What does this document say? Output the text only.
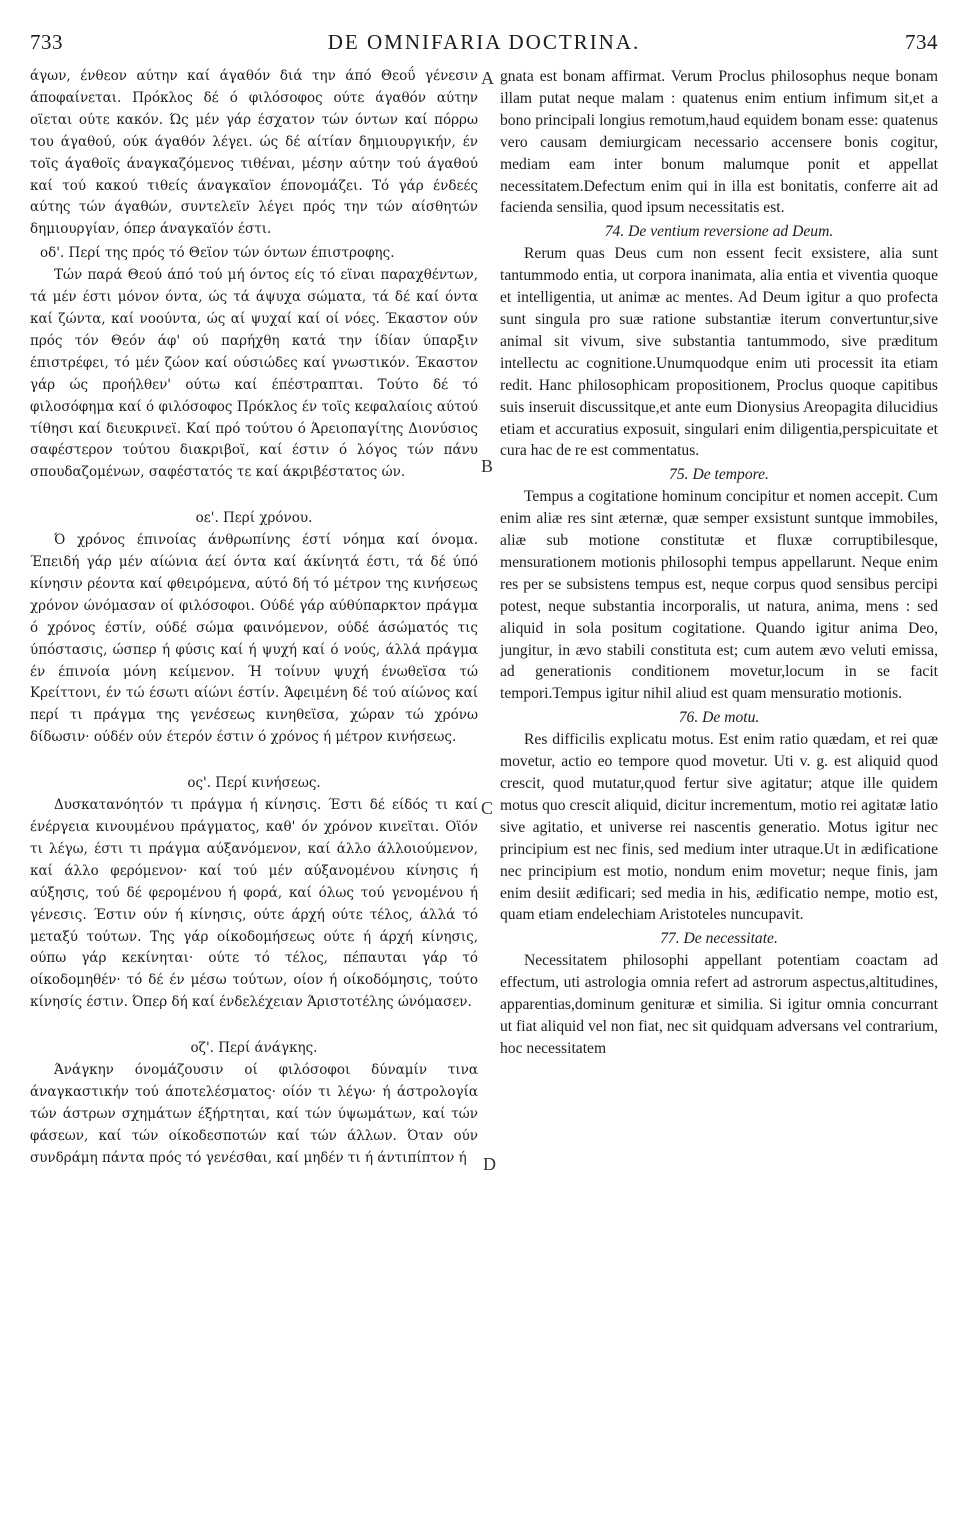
733	DE OMNIFARIA DOCTRINA.	734

άγων, ένθεον αύτην καί άγαθόν διά την άπό Θεοΰ γένεσιν άποφαίνεται. Πρόκλος δέ ό φιλόσοφος ούτε άγαθόν αύτην οϊεται ούτε κακόν. Ώς μέν γάρ έσχατον τών όντων καί πόρρω του άγαθού, ούκ άγαθόν λέγει. ώς δέ αίτίαν δημιουργικήν, έν τοϊς άγαθοϊς άναγκαζόμενος τιθέναι, μέσην αύτην τού άγαθού καί τού κακού τιθείς άναγκαϊον έπονομάζει. Τό γάρ ένδεές αύτης τών άγαθών, συντελεϊν λέγει πρός την τών αίσθητών δημιουργίαν, όπερ άναγκαϊόν έστι.

οδ'. Περί της πρός τό Θεϊον τών όντων έπιστροφης.

Τών παρά Θεού άπό τού μή όντος είς τό εϊναι παραχθέντων, τά μέν έστι μόνον όντα, ώς τά άψυχα σώματα, τά δέ καί όντα καί ζώντα, καί νοούντα, ώς αί ψυχαί καί οί νόες. Έκαστον ούν πρός τόν Θεόν άφ' ού παρήχθη κατά την ίδίαν ύπαρξιν έπιστρέφει, τό μέν ζώον καί ούσιώδες καί γνωστικόν. Έκαστον γάρ ώς προήλθεν' ούτω καί έπέστραπται. Τούτο δέ τό φιλοσόφημα καί ό φιλόσοφος Πρόκλος έν τοϊς κεφαλαίοις αύτού τίθησι καί διευκρινεϊ. Καί πρό τούτου ό Άρειοπαγίτης Διονύσιος σαφέστερον τούτου διακριβοϊ, καί έστιν ό λόγος τών πάνυ σπουδαζομένων, σαφέστατός τε καί άκριβέστατος ών.

οε'. Περί χρόνου.

Ό χρόνος έπινοίας άνθρωπίνης έστί νόημα καί όνομα. Έπειδή γάρ μέν αίώνια άεί όντα καί άκίνητά έστι, τά δέ ύπό κίνησιν ρέοντα καί φθειρόμενα, αύτό δή τό μέτρον της κινήσεως χρόνον ώνόμασαν οί φιλόσοφοι. Ούδέ γάρ αύθύπαρκτον πράγμα ό χρόνος έστίν, ούδέ σώμα φαινόμενον, ούδέ άσώματός τις ύπόστασις, ώσπερ ή φύσις καί ή ψυχή καί ό νούς, άλλά πράγμα έν έπινοία μόνη κείμενον. Ή τοίνυν ψυχή ένωθεϊσα τώ Κρείττονι, έν τώ έσωτι αίώνι έστίν. Άφειμένη δέ τού αίώνος καί περί τι πράγμα της γενέσεως κινηθεϊσα, χώραν τώ χρόνω δίδωσιν· ούδέν ούν έτερόν έστιν ό χρόνος ή μέτρον κινήσεως.

ος'. Περί κινήσεως.

Δυσκατανόητόν τι πράγμα ή κίνησις. Έστι δέ είδός τι καί ένέργεια κινουμένου πράγματος, καθ' όν χρόνον κινεϊται. Οϊόν τι λέγω, έστι τι πράγμα αύξανόμενον, καί άλλο άλλοιούμενον, καί άλλο φερόμενον· καί τού μέν αύξανομένου κίνησις ή αύξησις, τού δέ φερομένου ή φορά, καί όλως τού γενομένου ή γένεσις. Έστιν ούν ή κίνησις, ούτε άρχή ούτε τέλος, άλλά τό μεταξύ τούτων. Της γάρ οίκοδομήσεως ούτε ή άρχή κίνησις, ούπω γάρ κεκίνηται· ούτε τό τέλος, πέπαυται γάρ τό οίκοδομηθέν· τό δέ έν μέσω τούτων, οίον ή οίκοδόμησις, τούτο κίνησίς έστιν. Όπερ δή καί ένδελέχειαν Άριστοτέλης ώνόμασεν.

οζ'. Περί άνάγκης.

Άνάγκην όνομάζουσιν οί φιλόσοφοι δύναμίν τινα άναγκαστικήν τού άποτελέσματος· οίόν τι λέγω· ή άστρολογία τών άστρων σχημάτων έξήρτηται, καί τών ύψωμάτων, καί τών φάσεων, καί τών οίκοδεσποτών καί τών άλλων. Όταν ούν συνδράμη πάντα πρός τό γενέσθαι, καί μηδέν τι ή άντιπίπτον ή

A
B
C
D

gnata est bonam affirmat. Verum Proclus philosophus neque bonam illam putat neque malam : quatenus enim entium infimum sit,et a bono principali longius remotum,haud equidem bonam esse: quatenus vero causam demiurgicam necessario accensere bonis cogitur, mediam eam inter bonum malumque ponit et appellat necessitatem.Defectum enim qui in illa est bonitatis, conferre ait ad facienda sensilia, quod ipsum necessitatis est.

74. De ventium reversione ad Deum.

Rerum quas Deus cum non essent fecit exsistere, alia sunt tantummodo entia, ut corpora inanimata, alia entia et viventia quoque et intelligentia, ut animæ ac mentes. Ad Deum igitur a quo profecta sunt singula pro suæ ratione substantiæ iterum convertuntur,sive animal sit vivum, sive substantia tantummodo, sive præditum intellectu ac cognitione.Unumquodque enim uti processit ita etiam redit. Hanc philosophicam propositionem, Proclus quoque capitibus suis inseruit discussitque,et ante eum Dionysius Areopagita dilucidius etiam et accuratius exposuit, singulari enim diligentia,perspicuitate et cura hac de re est commentatus.

75. De tempore.

Tempus a cogitatione hominum concipitur et nomen accepit. Cum enim aliæ res sint æternæ, quæ semper exsistunt suntque immobiles, aliæ sub motione constitutæ et fluxæ corruptibilesque, mensurationem motionis philosophi tempus appellarunt. Neque enim res per se subsistens tempus est, neque corpus quod sensibus percipi potest, neque substantia incorporalis, ut natura, anima, mens : sed aliquid in sola positum cogitatione. Quando igitur anima Deo, jungitur, in ævo stabili constituta est; cum autem ævo veluti emissa, ad generationis conditionem movetur,locum in se facit tempori.Tempus igitur nihil aliud est quam mensuratio motionis.

76. De motu.

Res difficilis explicatu motus. Est enim ratio quædam, et rei quæ movetur, actio eo tempore quod movetur. Uti v. g. est aliquid quod crescit, quod mutatur,quod fertur sive agitatur; atque ille quidem motus quo crescit aliquid, dicitur incrementum, motio rei agitatæ latio sive agitatio, et universe rei nascentis generatio. Motus igitur nec principium est nec finis, sed medium inter utraque.Ut in ædificatione nec principium est motio, nondum enim movetur; neque finis, jam enim desiit ædificari; sed media in his, ædificatio nempe, motio est, quam etiam endelechiam Aristoteles nuncupavit.

77. De necessitate.

Necessitatem philosophi appellant potentiam coactam ad effectum, uti astrologia omnia refert ad astrorum aspectus,altitudines, apparentias,dominum genituræ et similia. Si igitur omnia concurrant ut fiat aliquid vel non fiat, nec sit quidquam adversans vel contrarium, hoc necessitatem
